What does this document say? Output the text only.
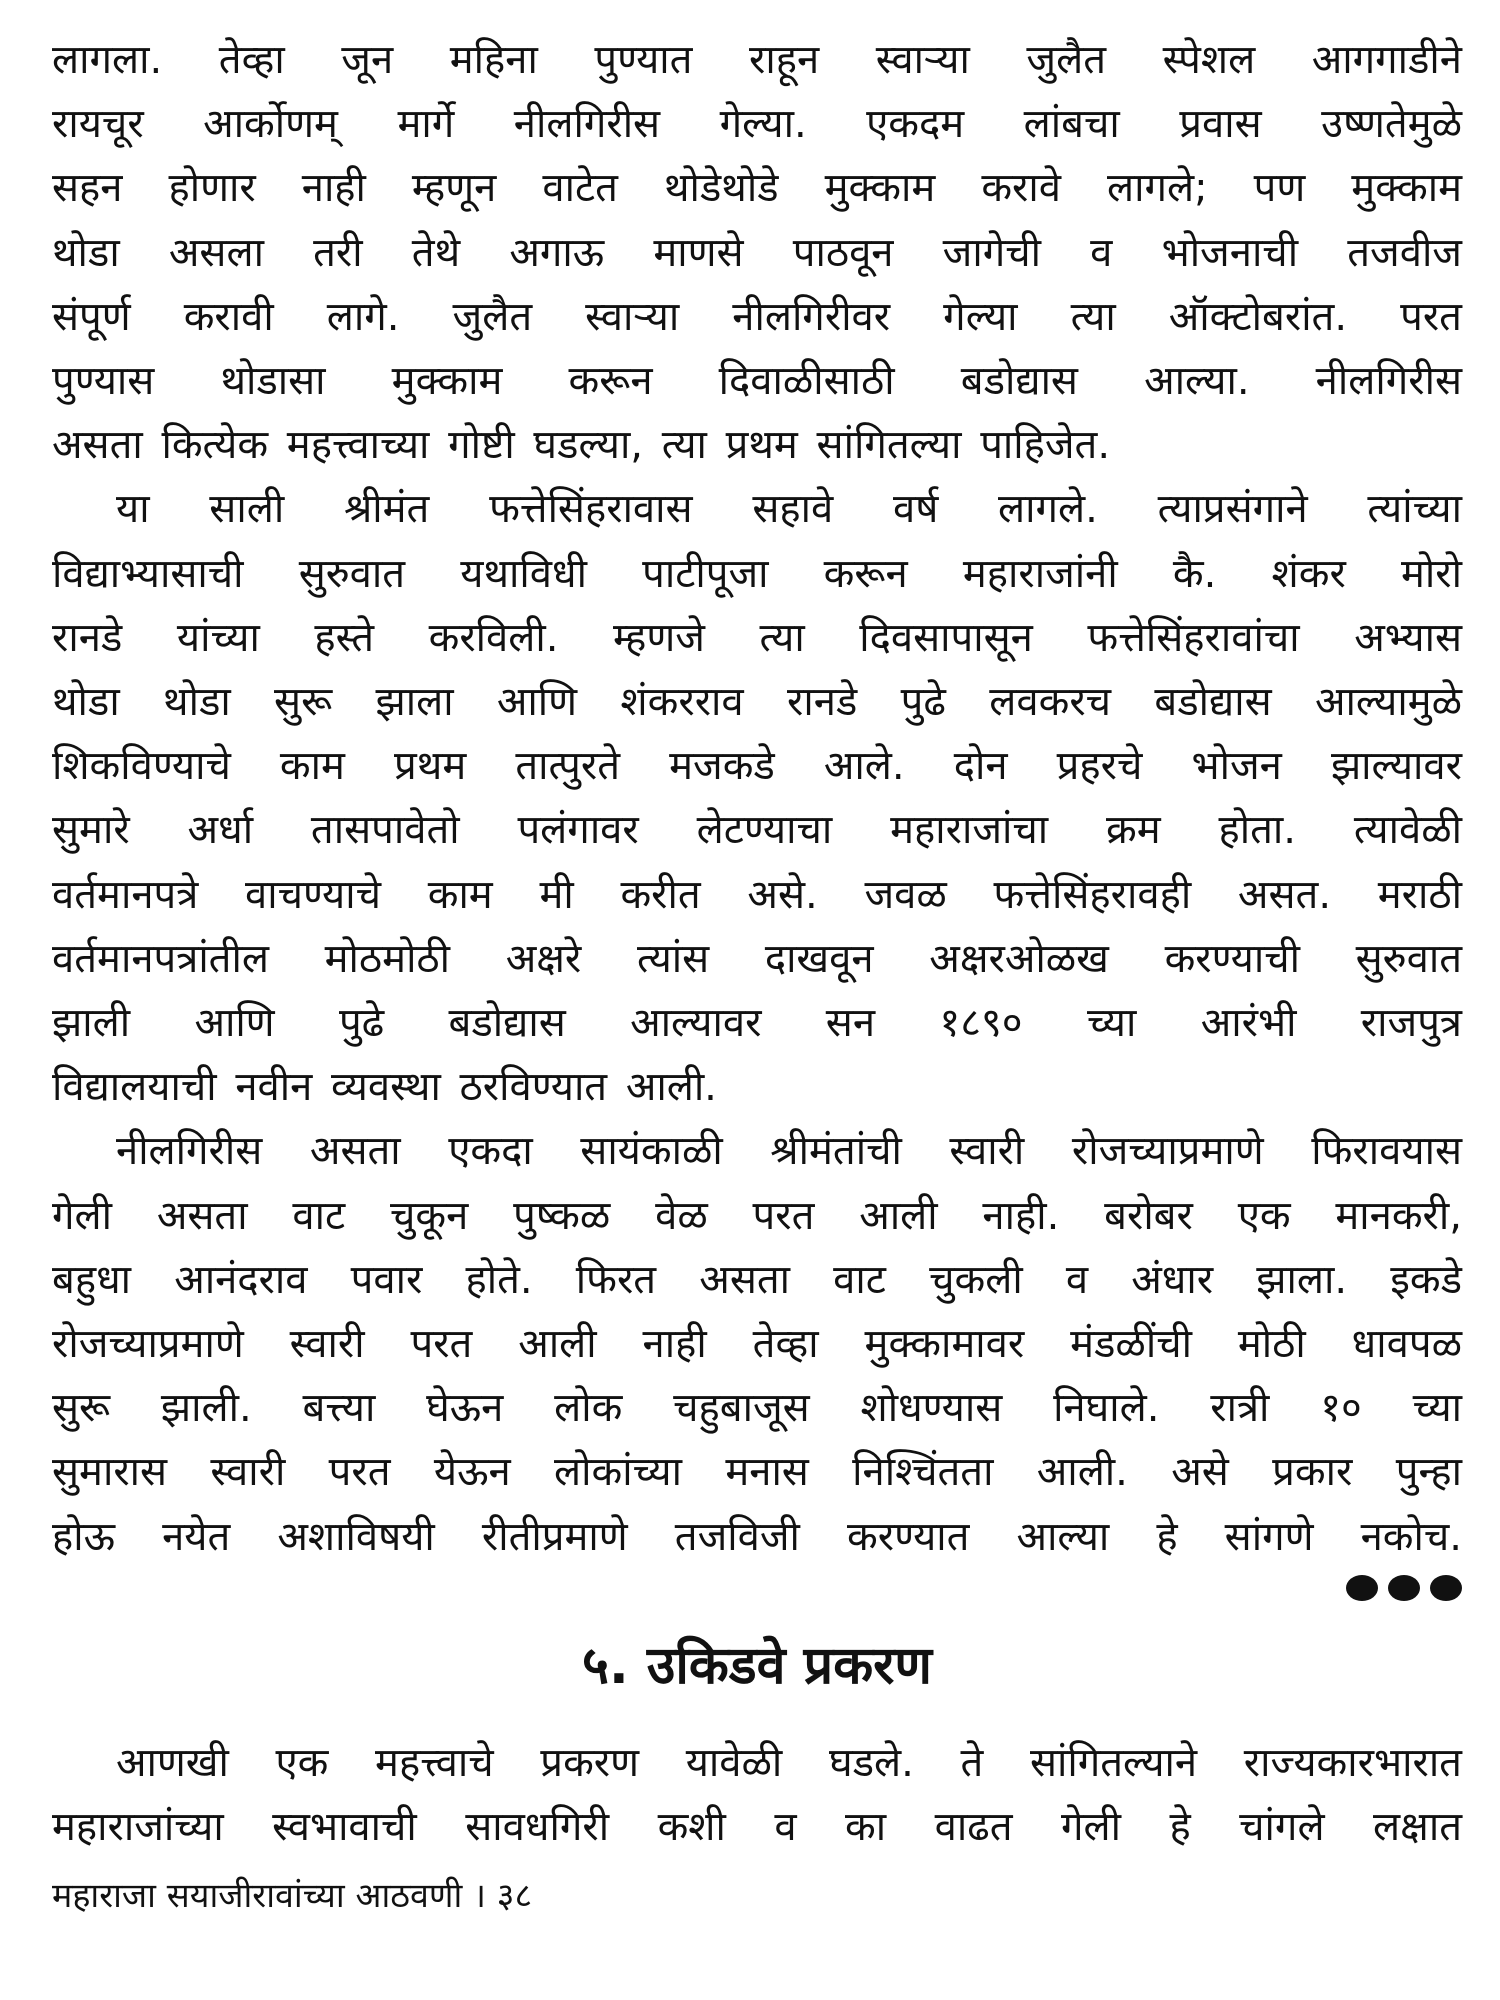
लागला. तेव्हा जून महिना पुण्यात राहून स्वाऱ्या जुलैत स्पेशल आगगाडीने
रायचूर आर्कोणम् मार्गे नीलगिरीस गेल्या. एकदम लांबचा प्रवास उष्णतेमुळे
सहन होणार नाही म्हणून वाटेत थोडेथोडे मुक्काम करावे लागले; पण मुक्काम
थोडा असला तरी तेथे अगाऊ माणसे पाठवून जागेची व भोजनाची तजवीज
संपूर्ण करावी लागे. जुलैत स्वाऱ्या नीलगिरीवर गेल्या त्या ऑक्टोबरांत. परत
पुण्यास थोडासा मुक्काम करून दिवाळीसाठी बडोद्यास आल्या. नीलगिरीस
असता कित्येक महत्त्वाच्या गोष्टी घडल्या, त्या प्रथम सांगितल्या पाहिजेत.

या साली श्रीमंत फत्तेसिंहरावास सहावे वर्ष लागले. त्याप्रसंगाने त्यांच्या
विद्याभ्यासाची सुरुवात यथाविधी पाटीपूजा करून महाराजांनी कै. शंकर मोरो
रानडे यांच्या हस्ते करविली. म्हणजे त्या दिवसापासून फत्तेसिंहरावांचा अभ्यास
थोडा थोडा सुरू झाला आणि शंकरराव रानडे पुढे लवकरच बडोद्यास आल्यामुळे
शिकविण्याचे काम प्रथम तात्पुरते मजकडे आले. दोन प्रहरचे भोजन झाल्यावर
सुमारे अर्धा तासपावेतो पलंगावर लेटण्याचा महाराजांचा क्रम होता. त्यावेळी
वर्तमानपत्रे वाचण्याचे काम मी करीत असे. जवळ फत्तेसिंहरावही असत. मराठी
वर्तमानपत्रांतील मोठमोठी अक्षरे त्यांस दाखवून अक्षरओळख करण्याची सुरुवात
झाली आणि पुढे बडोद्यास आल्यावर सन १८९० च्या आरंभी राजपुत्र
विद्यालयाची नवीन व्यवस्था ठरविण्यात आली.

नीलगिरीस असता एकदा सायंकाळी श्रीमंतांची स्वारी रोजच्याप्रमाणे फिरावयास
गेली असता वाट चुकून पुष्कळ वेळ परत आली नाही. बरोबर एक मानकरी,
बहुधा आनंदराव पवार होते. फिरत असता वाट चुकली व अंधार झाला. इकडे
रोजच्याप्रमाणे स्वारी परत आली नाही तेव्हा मुक्कामावर मंडळींची मोठी धावपळ
सुरू झाली. बत्त्या घेऊन लोक चहुबाजूस शोधण्यास निघाले. रात्री १० च्या
सुमारास स्वारी परत येऊन लोकांच्या मनास निश्चिंतता आली. असे प्रकार पुन्हा
होऊ नयेत अशाविषयी रीतीप्रमाणे तजविजी करण्यात आल्या हे सांगणे नकोच.

५. उकिडवे प्रकरण

आणखी एक महत्त्वाचे प्रकरण यावेळी घडले. ते सांगितल्याने राज्यकारभारात
महाराजांच्या स्वभावाची सावधगिरी कशी व का वाढत गेली हे चांगले लक्षात

महाराजा सयाजीरावांच्या आठवणी । ३८
